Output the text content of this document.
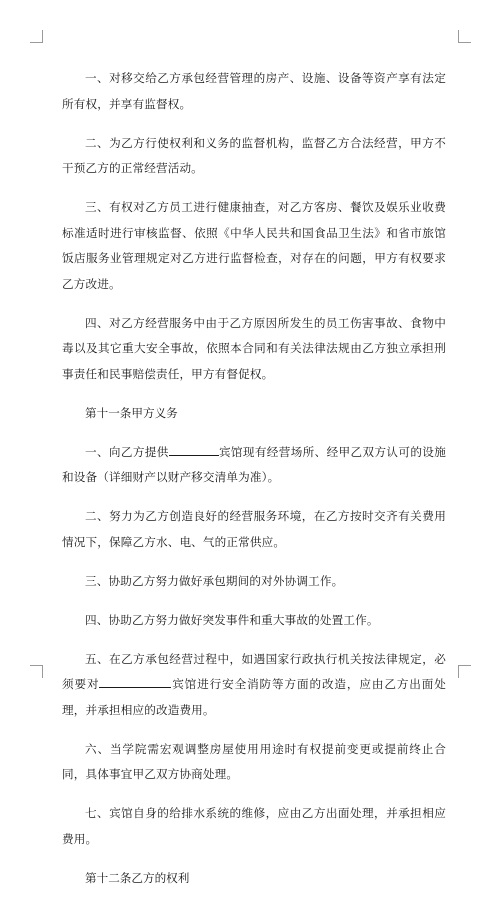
一、对移交给乙方承包经营管理的房产、设施、设备等资产享有法定所有权，并享有监督权。

二、为乙方行使权利和义务的监督机构，监督乙方合法经营，甲方不干预乙方的正常经营活动。

三、有权对乙方员工进行健康抽查，对乙方客房、餐饮及娱乐业收费标准适时进行审核监督、依照《中华人民共和国食品卫生法》和省市旅馆饭店服务业管理规定对乙方进行监督检查，对存在的问题，甲方有权要求乙方改进。

四、对乙方经营服务中由于乙方原因所发生的员工伤害事故、食物中毒以及其它重大安全事故，依照本合同和有关法律法规由乙方独立承担刑事责任和民事赔偿责任，甲方有督促权。

第十一条甲方义务

一、向乙方提供	宾馆现有经营场所、经甲乙双方认可的设施和设备（详细财产以财产移交清单为准）。

二、努力为乙方创造良好的经营服务环境，在乙方按时交齐有关费用情况下，保障乙方水、电、气的正常供应。

三、协助乙方努力做好承包期间的对外协调工作。

四、协助乙方努力做好突发事件和重大事故的处置工作。

五、在乙方承包经营过程中，如遇国家行政执行机关按法律规定，必须要对	宾馆进行安全消防等方面的改造，应由乙方出面处理，并承担相应的改造费用。

六、当学院需宏观调整房屋使用用途时有权提前变更或提前终止合同，具体事宜甲乙双方协商处理。

七、宾馆自身的给排水系统的维修，应由乙方出面处理，并承担相应费用。

第十二条乙方的权利
